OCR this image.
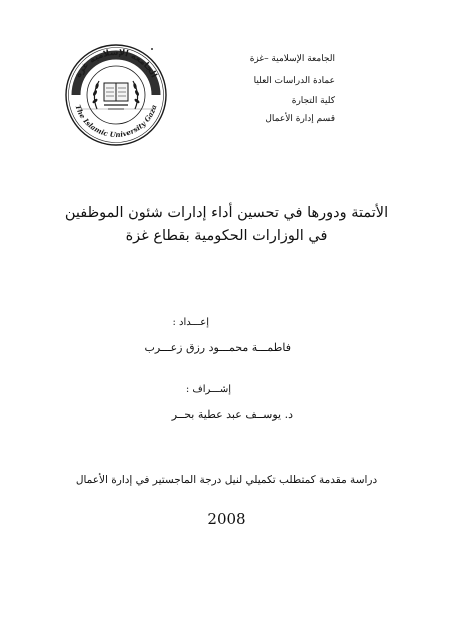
الجامعة الإسلامية –غزة
عمادة الدراسات العليا
كلية التجارة
قسم إدارة الأعمال
الجامعة الإسلامية غزة
The Islamic University Gaza
الأتمتة ودورها في تحسين أداء إدارات شئون الموظفين
في الوزارات الحكومية بقطاع غزة
إعـــداد :
فاطمـــة محمـــود رزق زعـــرب
إشـــراف :
د. يوســف عبد عطية بحــر
دراسة مقدمة كمتطلب تكميلي لنيل درجة الماجستير في إدارة الأعمال
2008
